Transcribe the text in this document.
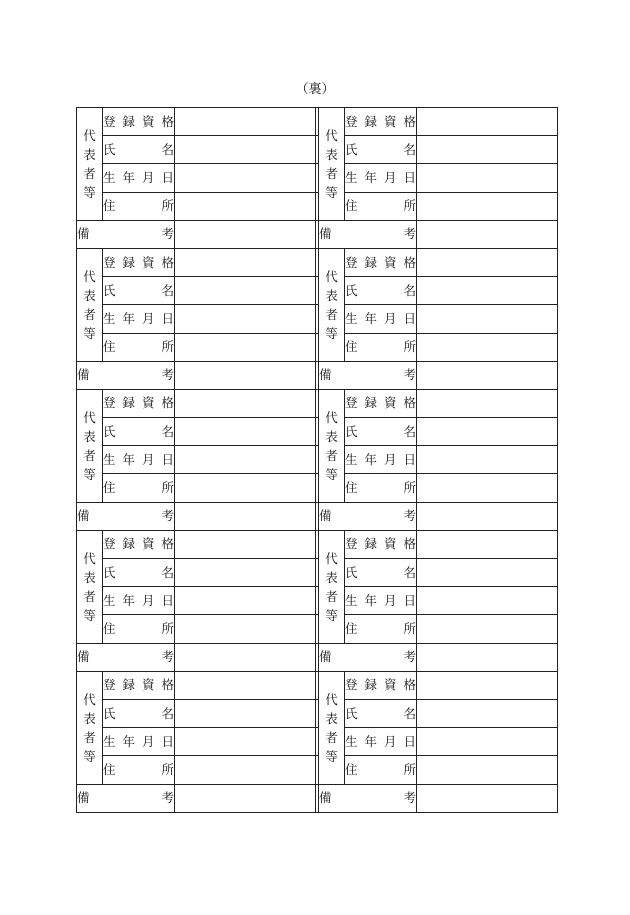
（裏）
代表者等	登録資格			代表者等	登録資格	

	氏　　名				氏　　名	

	生年月日				生年月日	

	住　　所				住　　所	

備　　考				備　　考		

代表者等	登録資格			代表者等	登録資格	

	氏　　名				氏　　名	

	生年月日				生年月日	

	住　　所				住　　所	

備　　考				備　　考		

代表者等	登録資格			代表者等	登録資格	

	氏　　名				氏　　名	

	生年月日				生年月日	

	住　　所				住　　所	

備　　考				備　　考		

代表者等	登録資格			代表者等	登録資格	

	氏　　名				氏　　名	

	生年月日				生年月日	

	住　　所				住　　所	

備　　考				備　　考		

代表者等	登録資格			代表者等	登録資格	

	氏　　名				氏　　名	

	生年月日				生年月日	

	住　　所				住　　所	

備　　考				備　　考		
